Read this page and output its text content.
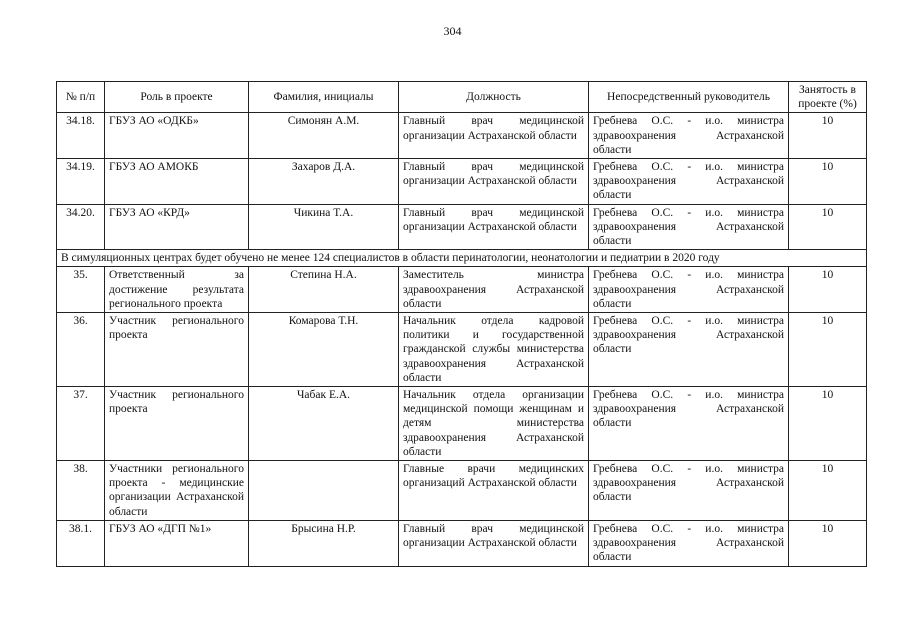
304
№ п/п	Роль в проекте	Фамилия, инициалы	Должность	Непосредственный руководитель	Занятость в проекте (%)
34.18.	ГБУЗ АО «ОДКБ»	Симонян А.М.	Главный врач медицинской организации Астраханской области	Гребнева О.С. - и.о. министра здравоохранения Астраханской области	10
34.19.	ГБУЗ АО АМОКБ	Захаров Д.А.	Главный врач медицинской организации Астраханской области	Гребнева О.С. - и.о. министра здравоохранения Астраханской области	10
34.20.	ГБУЗ АО «КРД»	Чикина Т.А.	Главный врач медицинской организации Астраханской области	Гребнева О.С. - и.о. министра здравоохранения Астраханской области	10
В симуляционных центрах будет обучено не менее 124 специалистов в области перинатологии, неонатологии и педиатрии в 2020 году					
35.	Ответственный за достижение результата регионального проекта	Степина Н.А.	Заместитель министра здравоохранения Астраханской области	Гребнева О.С. - и.о. министра здравоохранения Астраханской области	10
36.	Участник регионального проекта	Комарова Т.Н.	Начальник отдела кадровой политики и государственной гражданской службы министерства здравоохранения Астраханской области	Гребнева О.С. - и.о. министра здравоохранения Астраханской области	10
37.	Участник регионального проекта	Чабак Е.А.	Начальник отдела организации медицинской помощи женщинам и детям министерства здравоохранения Астраханской области	Гребнева О.С. - и.о. министра здравоохранения Астраханской области	10
38.	Участники регионального проекта - медицинские организации Астраханской области		Главные врачи медицинских организаций Астраханской области	Гребнева О.С. - и.о. министра здравоохранения Астраханской области	10
38.1.	ГБУЗ АО «ДГП №1»	Брысина Н.Р.	Главный врач медицинской организации Астраханской области	Гребнева О.С. - и.о. министра здравоохранения Астраханской области	10
